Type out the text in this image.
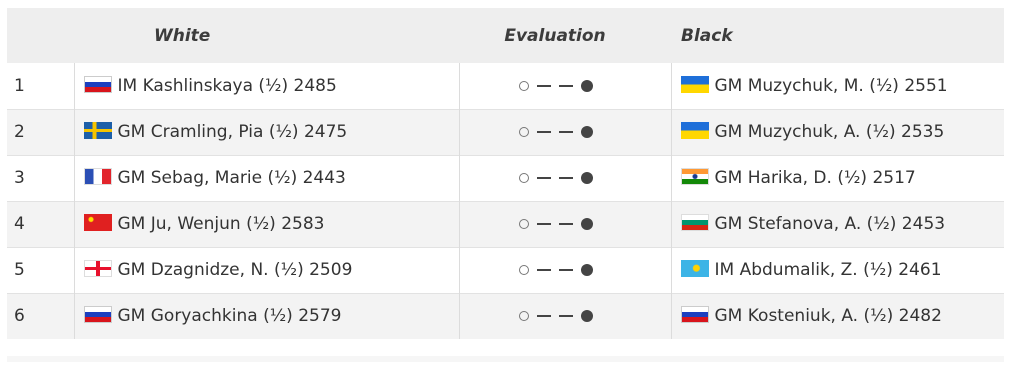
	White	Evaluation	Black
1	IM Kashlinskaya (½) 2485		GM Muzychuk, M. (½) 2551
2	GM Cramling, Pia (½) 2475		GM Muzychuk, A. (½) 2535
3	GM Sebag, Marie (½) 2443		GM Harika, D. (½) 2517
4	GM Ju, Wenjun (½) 2583		GM Stefanova, A. (½) 2453
5	GM Dzagnidze, N. (½) 2509		IM Abdumalik, Z. (½) 2461
6	GM Goryachkina (½) 2579		GM Kosteniuk, A. (½) 2482
